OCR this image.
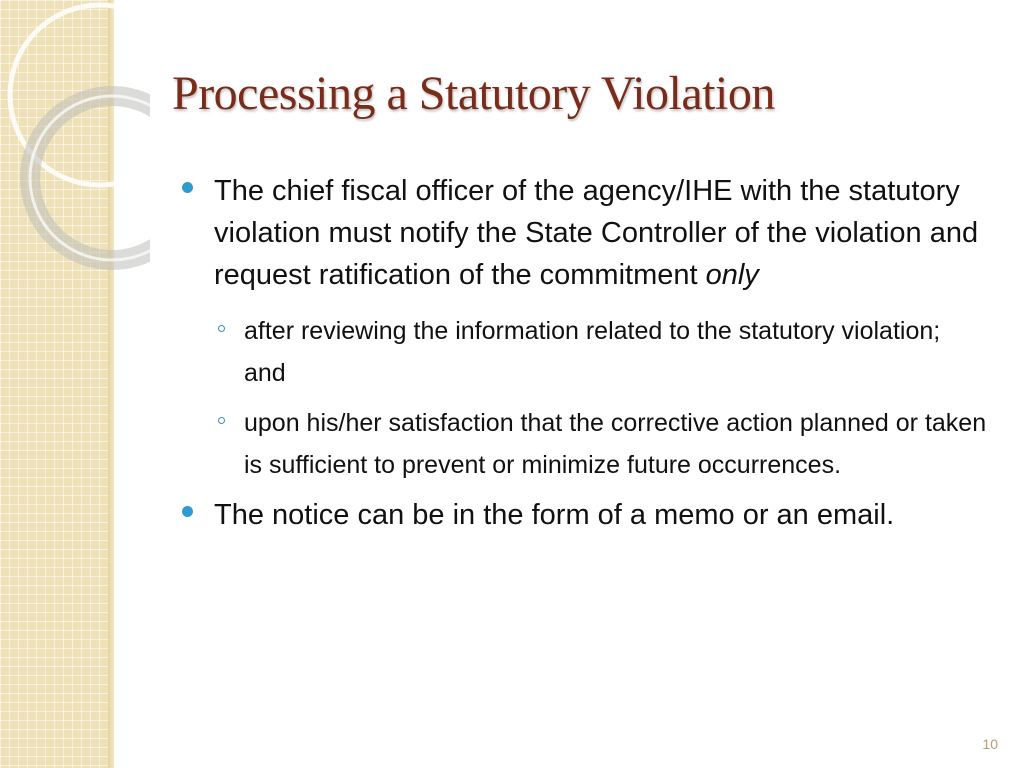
Processing a Statutory Violation
The chief fiscal officer of the agency/IHE with the statutory violation must notify the State Controller of the violation and request ratification of the commitment only
after reviewing the information related to the statutory violation; and
upon his/her satisfaction that the corrective action planned or taken is sufficient to prevent or minimize future occurrences.
The notice can be in the form of a memo or an email.
10
